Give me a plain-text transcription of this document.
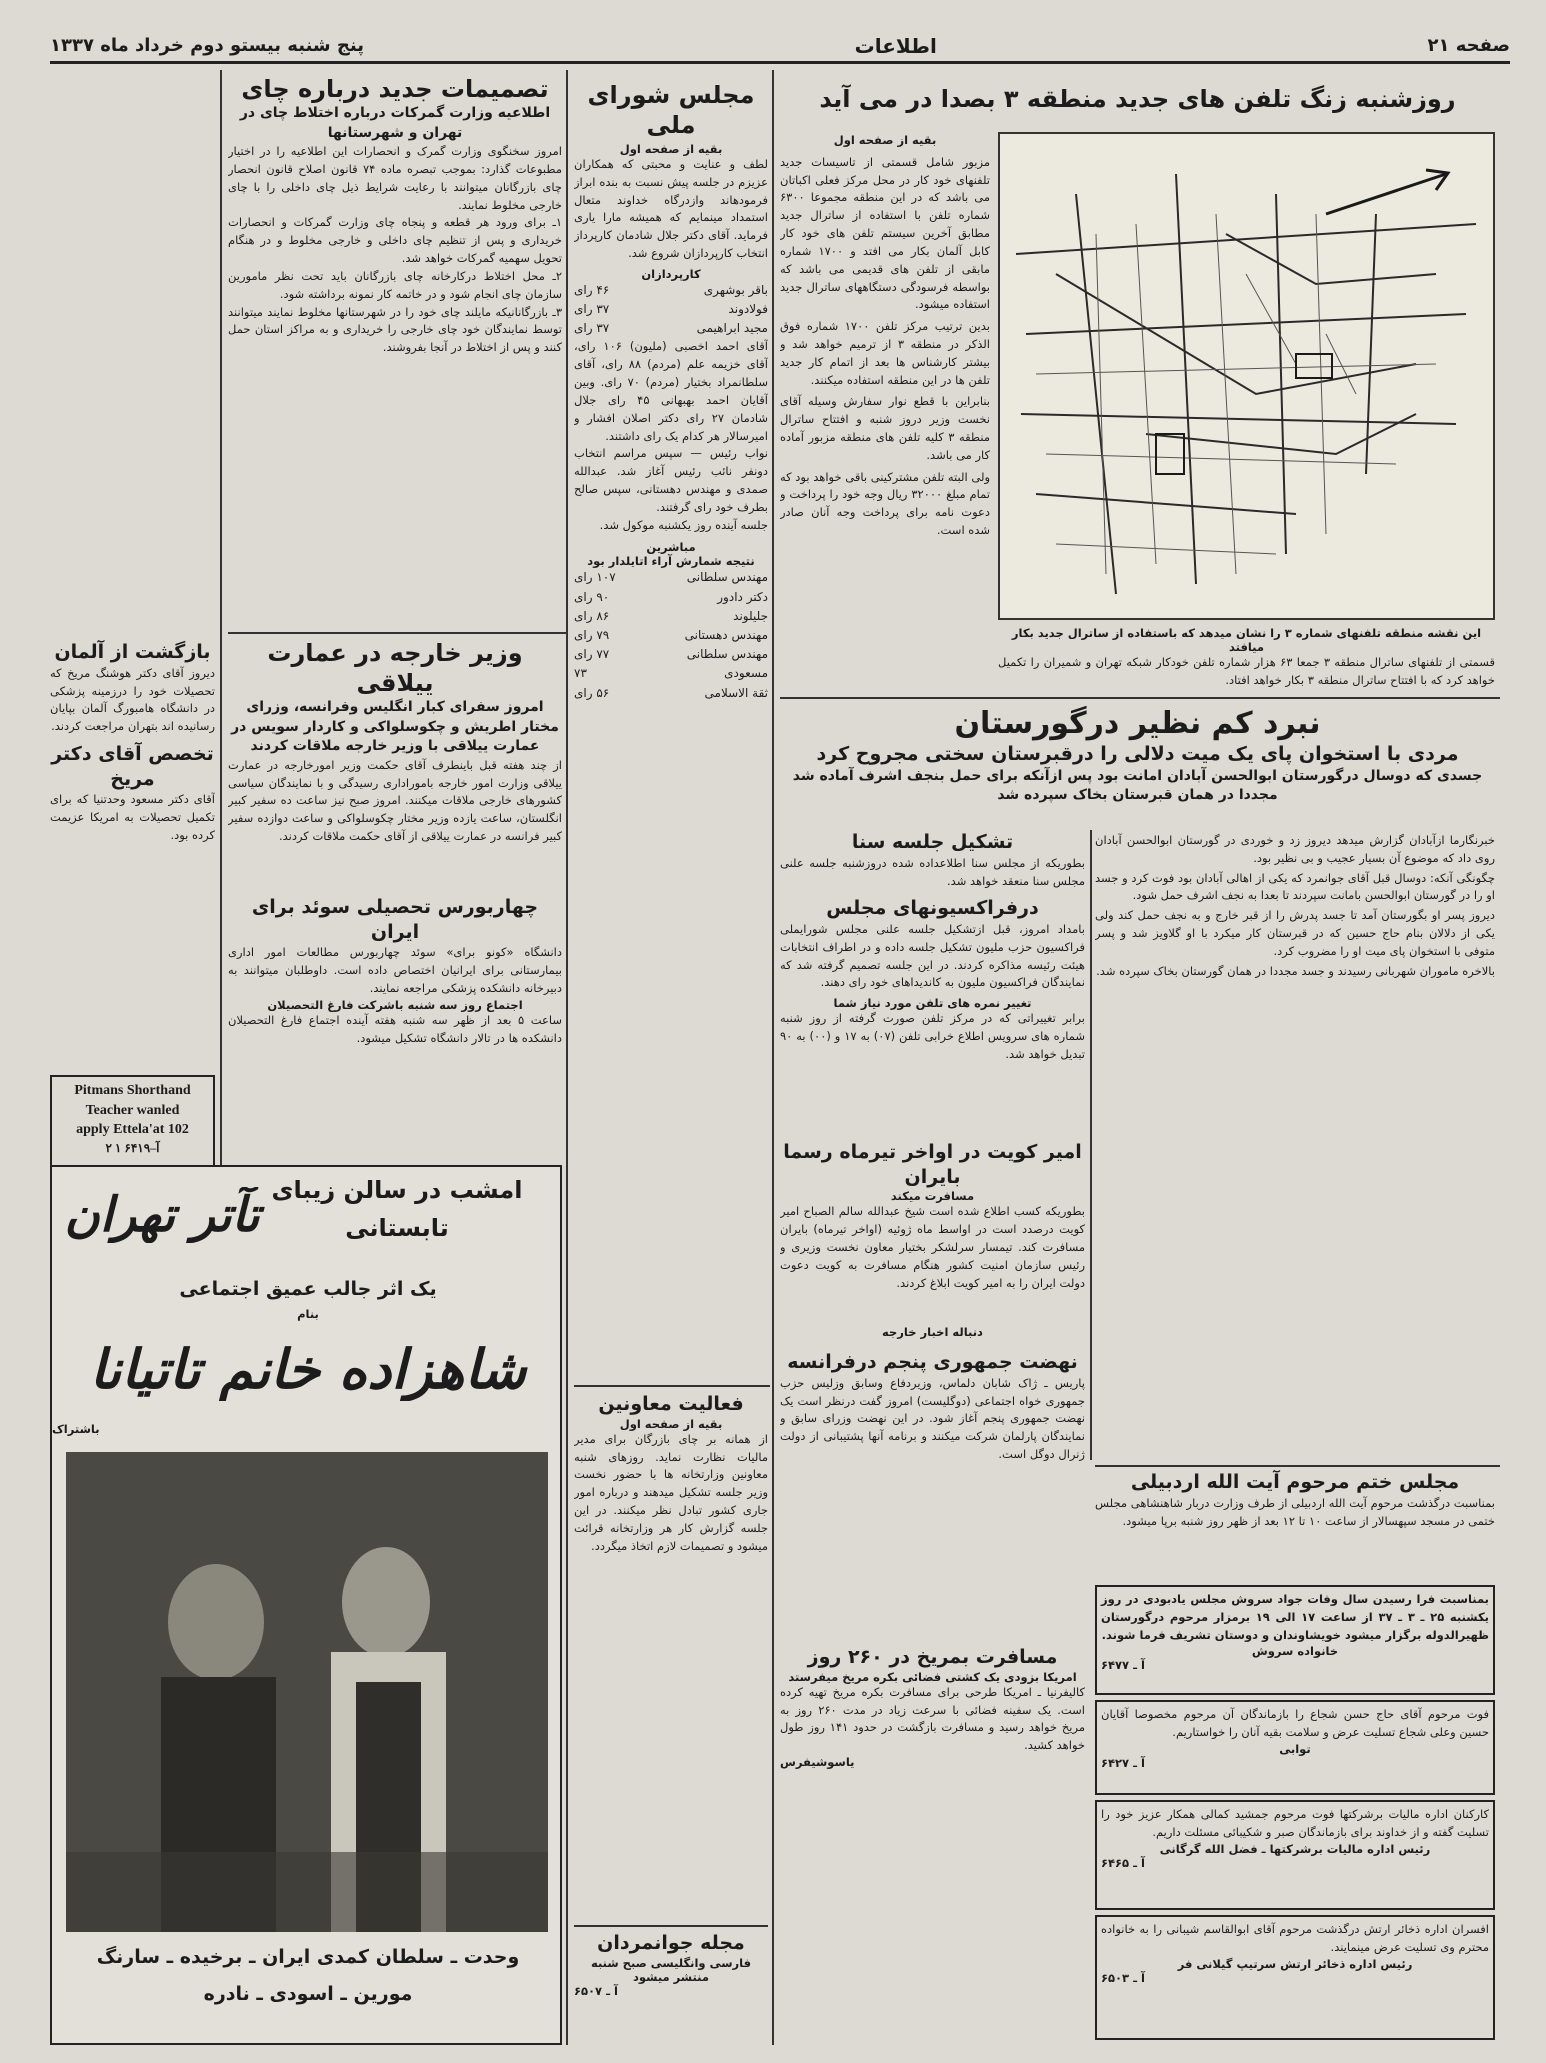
صفحه ۲۱
اطلاعات
پنج شنبه بیستو دوم خرداد ماه ۱۳۳۷
روزشنبه زنگ تلفن های جدید منطقه ۳ بصدا در می آید
بقیه از صفحه اول

مزبور شامل قسمتی از تاسیسات جدید تلفنهای خود کار در محل مرکز فعلی اکباتان می باشد که در این منطقه مجموعا ۶۳۰۰ شماره تلفن با استفاده از ساترال جدید مطابق آخرین سیستم تلفن های خود کار کابل آلمان بکار می افتد و ۱۷۰۰ شماره مابقی از تلفن های قدیمی می باشد که بواسطه فرسودگی دستگاههای ساترال جدید استفاده میشود.

بدین ترتیب مرکز تلفن ۱۷۰۰ شماره فوق الذکر در منطقه ۳ از ترمیم خواهد شد و بیشتر کارشناس ها بعد از اتمام کار جدید تلفن ها در این منطقه استفاده میکنند.

بنابراین با قطع نوار سفارش وسیله آقای نخست وزیر دروز شنبه و افتتاح ساترال منطقه ۳ کلیه تلفن های منطقه مزبور آماده کار می باشد.

ولی البته تلفن مشترکینی باقی خواهد بود که تمام مبلغ ۳۲۰۰۰ ریال وجه خود را پرداخت و دعوت نامه برای پرداخت وجه آنان صادر شده است.

این نقشه منطقه تلفنهای شماره ۳ را نشان میدهد که باستفاده از ساترال جدید بکار میافتد
قسمتی از تلفنهای ساترال منطقه ۳ جمعا ۶۳ هزار شماره تلفن خودکار شبکه تهران و شمیران را تکمیل خواهد کرد که با افتتاح ساترال منطقه ۳ بکار خواهد افتاد.
نبرد کم نظیر درگورستان
مردی با استخوان پای یک میت دلالی را درقبرستان سختی مجروح کرد
جسدی که دوسال درگورستان ابوالحسن آبادان امانت بود پس ازآنکه برای حمل بنجف اشرف آماده شد مجددا در همان قبرستان بخاک سپرده شد

خبرنگارما ازآبادان گزارش میدهد دیروز زد و خوردی در گورستان ابوالحسن آبادان روی داد که موضوع آن بسیار عجیب و بی نظیر بود.

چگونگی آنکه: دوسال قبل آقای جوانمرد که یکی از اهالی آبادان بود فوت کرد و جسد او را در گورستان ابوالحسن بامانت سپردند تا بعدا به نجف اشرف حمل شود.

دیروز پسر او بگورستان آمد تا جسد پدرش را از قبر خارج و به نجف حمل کند ولی یکی از دلالان بنام حاج حسین که در قبرستان کار میکرد با او گلاویز شد و پسر متوفی با استخوان پای میت او را مضروب کرد.

بالاخره ماموران شهربانی رسیدند و جسد مجددا در همان گورستان بخاک سپرده شد.

تشکیل جلسه سنا
بطوریکه از مجلس سنا اطلاعداده شده دروزشنبه جلسه علنی مجلس سنا منعقد خواهد شد.
درفراکسیونهای مجلس
بامداد امروز، قبل ازتشکیل جلسه علنی مجلس شورایملی فراکسیون حزب ملیون تشکیل جلسه داده و در اطراف انتخابات هیئت رئیسه مذاکره کردند. در این جلسه تصمیم گرفته شد که نمایندگان فراکسیون ملیون به کاندیداهای خود رای دهند.
تغییر نمره های تلفن مورد نیاز شما
برابر تغییراتی که در مرکز تلفن صورت گرفته از روز شنبه شماره های سرویس اطلاع خرابی تلفن (۰۷) به ۱۷ و (۰۰) به ۹۰ تبدیل خواهد شد.
امیر کویت در اواخر تیرماه رسما بایران
مسافرت میکند
بطوریکه کسب اطلاع شده است شیخ عبدالله سالم الصباح امیر کویت درصدد است در اواسط ماه ژوئیه (اواخر تیرماه) بایران مسافرت کند. تیمسار سرلشکر بختیار معاون نخست وزیری و رئیس سازمان امنیت کشور هنگام مسافرت به کویت دعوت دولت ایران را به امیر کویت ابلاغ کردند.
دنباله اخبار خارجه
نهضت جمهوری پنجم درفرانسه
پاریس ـ ژاک شابان دلماس، وزیردفاع وسابق وزلیس حزب جمهوری خواه اجتماعی (دوگلیست) امروز گفت درنظر است یک نهضت جمهوری پنجم آغاز شود. در این نهضت وزرای سابق و نمایندگان پارلمان شرکت میکنند و برنامه آنها پشتیبانی از دولت ژنرال دوگل است.
مسافرت بمریخ در ۲۶۰ روز
امریکا بزودی یک کشتی فضائی بکره مریخ میفرستد
کالیفرنیا ـ امریکا طرحی برای مسافرت بکره مریخ تهیه کرده است. یک سفینه فضائی با سرعت زیاد در مدت ۲۶۰ روز به مریخ خواهد رسید و مسافرت بازگشت در حدود ۱۴۱ روز طول خواهد کشید.
یاسوشیفرس
مجلس ختم مرحوم آیت الله اردبیلی
بمناسبت درگذشت مرحوم آیت الله اردبیلی از طرف وزارت دربار شاهنشاهی مجلس ختمی در مسجد سپهسالار از ساعت ۱۰ تا ۱۲ بعد از ظهر روز شنبه برپا میشود.
بمناسبت فرا رسیدن سال وفات جواد سروش مجلس یادبودی در روز یکشنبه ۲۵ ـ ۳ ـ ۳۷ از ساعت ۱۷ الی ۱۹ برمزار مرحوم درگورستان ظهیرالدوله برگزار میشود خویشاوندان و دوستان تشریف فرما شوند.
خانواده سروش
آ ـ ۶۴۷۷
فوت مرحوم آقای حاج حسن شجاع را بازماندگان آن مرحوم مخصوصا آقایان حسین وعلی شجاع تسلیت عرض و سلامت بقیه آنان را خواستاریم.
توابی
آ ـ ۶۴۲۷
کارکنان اداره مالیات برشرکتها فوت مرحوم جمشید کمالی همکار عزیز خود را تسلیت گفته و از خداوند برای بازماندگان صبر و شکیبائی مسئلت داریم.
رئیس اداره مالیات برشرکتها ـ فضل الله گرگانی
آ ـ ۶۴۶۵
افسران اداره ذخائر ارتش درگذشت مرحوم آقای ابوالقاسم شیبانی را به خانواده محترم وی تسلیت عرض مینمایند.
رئیس اداره ذخائر ارتش سرتیپ گیلانی فر
آ ـ ۶۵۰۳
مجلس شورای ملی
بقیه از صفحه اول
لطف و عنایت و محبتی که همکاران عزیزم در جلسه پیش نسبت به بنده ابراز فرمودهاند وازدرگاه خداوند متعال استمداد مینمایم که همیشه مارا یاری فرماید. آقای دکتر جلال شادمان کارپرداز انتخاب کارپردازان شروع شد.
کارپردازان
باقر بوشهری
۴۶ رای
فولادوند
۳۷ رای
مجید ابراهیمی
۳۷ رای
آقای احمد اخصبی (ملیون) ۱۰۶ رای، آقای خزیمه علم (مردم) ۸۸ رای، آقای سلطانمراد بختیار (مردم) ۷۰ رای. وبین آقایان احمد بهبهانی ۴۵ رای جلال شادمان ۲۷ رای دکتر اصلان افشار و امیرسالار هر کدام یک رای داشتند.
نواب رئیس — سپس مراسم انتخاب دونفر نائب رئیس آغاز شد. عبدالله صمدی و مهندس دهستانی، سپس صالح بطرف خود رای گرفتند.
جلسه آینده روز یکشنبه موکول شد.
مباشرین
نتیجه شمارش آراء اتایلدار بود
مهندس سلطانی
۱۰۷ رای
دکتر دادور
۹۰ رای
جلیلوند
۸۶ رای
مهندس دهستانی
۷۹ رای
مهندس سلطانی
۷۷ رای
مسعودی
۷۳
ثقة الاسلامی
۵۶ رای
فعالیت معاونین
بقیه از صفحه اول
از همانه بر چای بازرگان برای مدیر مالیات نظارت نماید. روزهای شنبه معاونین وزارتخانه ها با حضور نخست وزیر جلسه تشکیل میدهند و درباره امور جاری کشور تبادل نظر میکنند. در این جلسه گزارش کار هر وزارتخانه قرائت میشود و تصمیمات لازم اتخاذ میگردد.
مجله جوانمردان
فارسی وانگلیسی صبح شنبه منتشر میشود
آ ـ ۶۵۰۷
تصمیمات جدید درباره چای
اطلاعیه وزارت گمرکات درباره اختلاط چای در تهران و شهرستانها
امروز سخنگوی وزارت گمرک و انحصارات این اطلاعیه را در اختیار مطبوعات گذارد: بموجب تبصره ماده ۷۴ قانون اصلاح قانون انحصار چای بازرگانان میتوانند با رعایت شرایط ذیل چای داخلی را با چای خارجی مخلوط نمایند.
۱ـ برای ورود هر قطعه و پنجاه چای وزارت گمرکات و انحصارات خریداری و پس از تنظیم چای داخلی و خارجی مخلوط و در هنگام تحویل سهمیه گمرکات خواهد شد.
۲ـ محل اختلاط درکارخانه چای بازرگانان باید تحت نظر مامورین سازمان چای انجام شود و در خاتمه کار نمونه برداشته شود.
۳ـ بازرگانانیکه مایلند چای خود را در شهرستانها مخلوط نمایند میتوانند توسط نمایندگان خود چای خارجی را خریداری و به مراکز استان حمل کنند و پس از اختلاط در آنجا بفروشند.
وزیر خارجه در عمارت ییلاقی
امروز سفرای کبار انگلیس وفرانسه، وزرای مختار اطریش و چکوسلواکی و کاردار سویس در عمارت ییلاقی با وزیر خارجه ملاقات کردند
از چند هفته قبل باینطرف آقای حکمت وزیر امورخارجه در عمارت ییلاقی وزارت امور خارجه باموراداری رسیدگی و با نمایندگان سیاسی کشورهای خارجی ملاقات میکنند. امروز صبح نیز ساعت ده سفیر کبیر انگلستان، ساعت یازده وزیر مختار چکوسلواکی و ساعت دوازده سفیر کبیر فرانسه در عمارت ییلاقی از آقای حکمت ملاقات کردند.
چهاربورس تحصیلی سوئد برای ایران
دانشگاه «کونو برای» سوئد چهاربورس مطالعات امور اداری بیمارستانی برای ایرانیان اختصاص داده است. داوطلبان میتوانند به دبیرخانه دانشکده پزشکی مراجعه نمایند.
اجتماع روز سه شنبه باشرکت فارغ التحصیلان
ساعت ۵ بعد از ظهر سه شنبه هفته آینده اجتماع فارغ التحصیلان دانشکده ها در تالار دانشگاه تشکیل میشود.
بازگشت از آلمان
دیروز آقای دکتر هوشنگ مریخ که تحصیلات خود را درزمینه پزشکی در دانشگاه هامبورگ آلمان بپایان رسانیده اند بتهران مراجعت کردند.
تخصص آقای دکتر مریخ
آقای دکتر مسعود وحدتنیا که برای تکمیل تحصیلات به امریکا عزیمت کرده بود.
Pitmans Shorthand
Teacher wanled
apply Ettela'at 102
۲ ۱ ۶۴۱۹–آ
امشب در سالن زیبای
تابستانی
تآتر تهران
یک اثر جالب عمیق اجتماعی
بنام
شاهزاده خانم تاتیانا
باشتراک
وحدت ـ سلطان کمدی ایران ـ برخیده ـ سارنگ
مورین ـ اسودی ـ نادره
